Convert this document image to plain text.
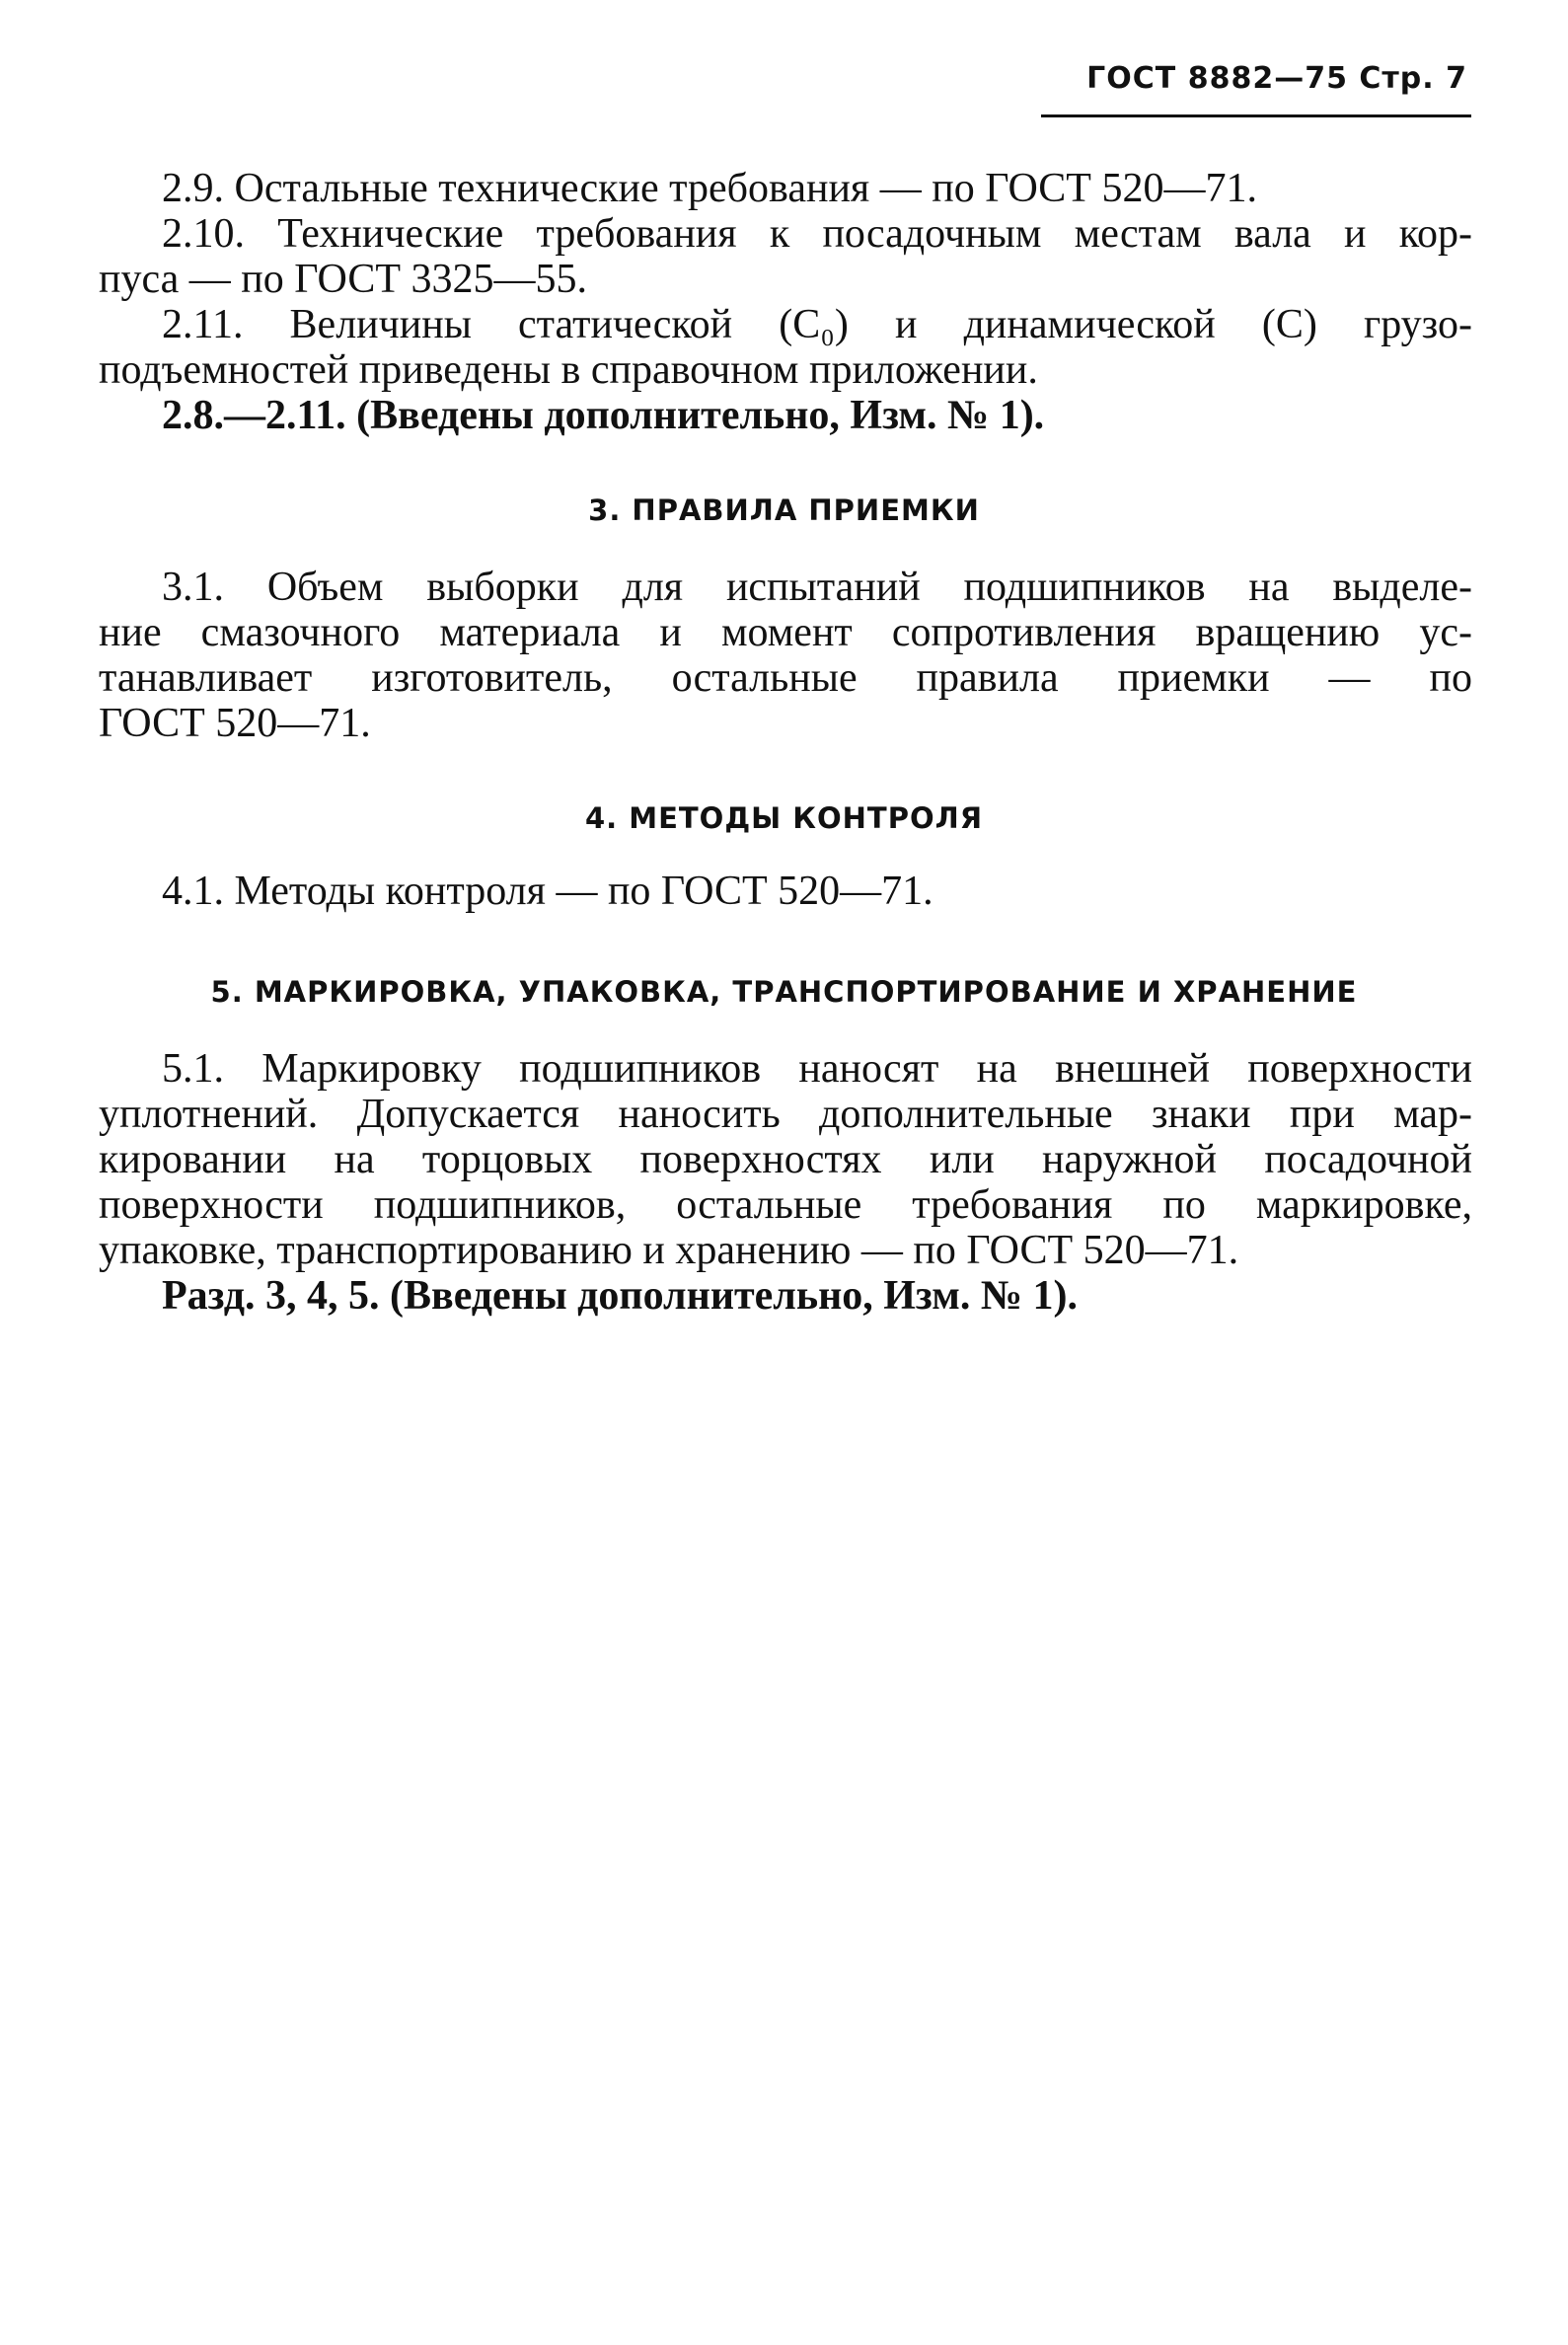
ГОСТ 8882—75 Стр. 7
2.9. Остальные технические требования — по ГОСТ 520—71.
2.10. Технические требования к посадочным местам вала и кор-
пуса — по ГОСТ 3325—55.
2.11. Величины статической (C₀) и динамической (C) грузо-
подъемностей приведены в справочном приложении.
2.8.—2.11. (Введены дополнительно, Изм. № 1).
3. ПРАВИЛА ПРИЕМКИ
3.1. Объем выборки для испытаний подшипников на выделе-
ние смазочного материала и момент сопротивления вращению ус-
танавливает изготовитель, остальные правила приемки — по
ГОСТ 520—71.
4. МЕТОДЫ КОНТРОЛЯ
4.1. Методы контроля — по ГОСТ 520—71.
5. МАРКИРОВКА, УПАКОВКА, ТРАНСПОРТИРОВАНИЕ И ХРАНЕНИЕ
5.1. Маркировку подшипников наносят на внешней поверхности
уплотнений. Допускается наносить дополнительные знаки при мар-
кировании на торцовых поверхностях или наружной посадочной
поверхности подшипников, остальные требования по маркировке,
упаковке, транспортированию и хранению — по ГОСТ 520—71.
Разд. 3, 4, 5. (Введены дополнительно, Изм. № 1).
